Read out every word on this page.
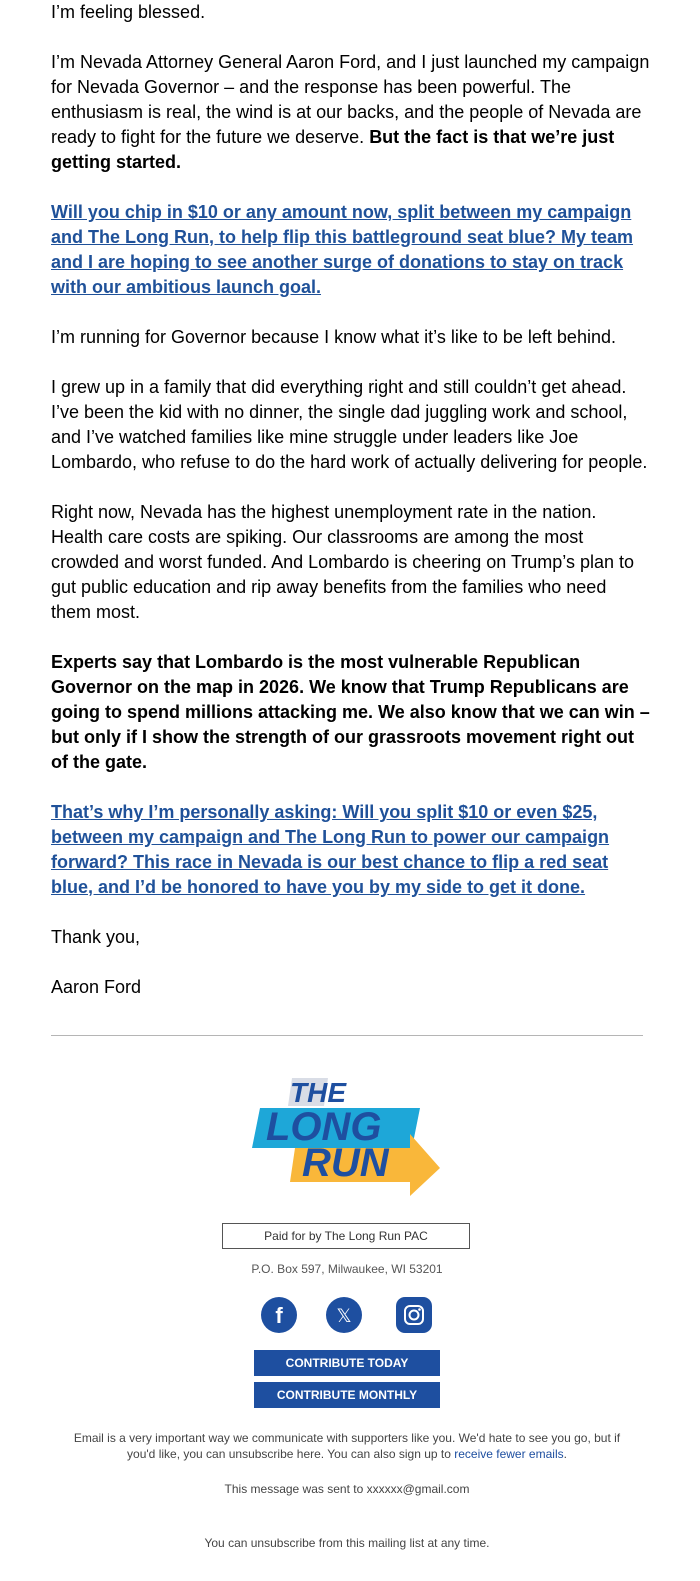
I’m feeling blessed.

I’m Nevada Attorney General Aaron Ford, and I just launched my campaign for Nevada Governor – and the response has been powerful. The enthusiasm is real, the wind is at our backs, and the people of Nevada are ready to fight for the future we deserve. But the fact is that we’re just getting started.

Will you chip in $10 or any amount now, split between my campaign and The Long Run, to help flip this battleground seat blue? My team and I are hoping to see another surge of donations to stay on track with our ambitious launch goal.

I’m running for Governor because I know what it’s like to be left behind.

I grew up in a family that did everything right and still couldn’t get ahead. I’ve been the kid with no dinner, the single dad juggling work and school, and I’ve watched families like mine struggle under leaders like Joe Lombardo, who refuse to do the hard work of actually delivering for people.

Right now, Nevada has the highest unemployment rate in the nation. Health care costs are spiking. Our classrooms are among the most crowded and worst funded. And Lombardo is cheering on Trump’s plan to gut public education and rip away benefits from the families who need them most.

Experts say that Lombardo is the most vulnerable Republican Governor on the map in 2026. We know that Trump Republicans are going to spend millions attacking me. We also know that we can win – but only if I show the strength of our grassroots movement right out of the gate.

That’s why I’m personally asking: Will you split $10 or even $25, between my campaign and The Long Run to power our campaign forward? This race in Nevada is our best chance to flip a red seat blue, and I’d be honored to have you by my side to get it done.

Thank you,

Aaron Ford

THE
LONG
RUN
Paid for by The Long Run PAC
P.O. Box 597, Milwaukee, WI 53201
f	𝕏
CONTRIBUTE TODAY
CONTRIBUTE MONTHLY
Email is a very important way we communicate with supporters like you. We'd hate to see you go, but if you'd like, you can unsubscribe here. You can also sign up to receive fewer emails.
This message was sent to xxxxxx@gmail.com
You can unsubscribe from this mailing list at any time.
